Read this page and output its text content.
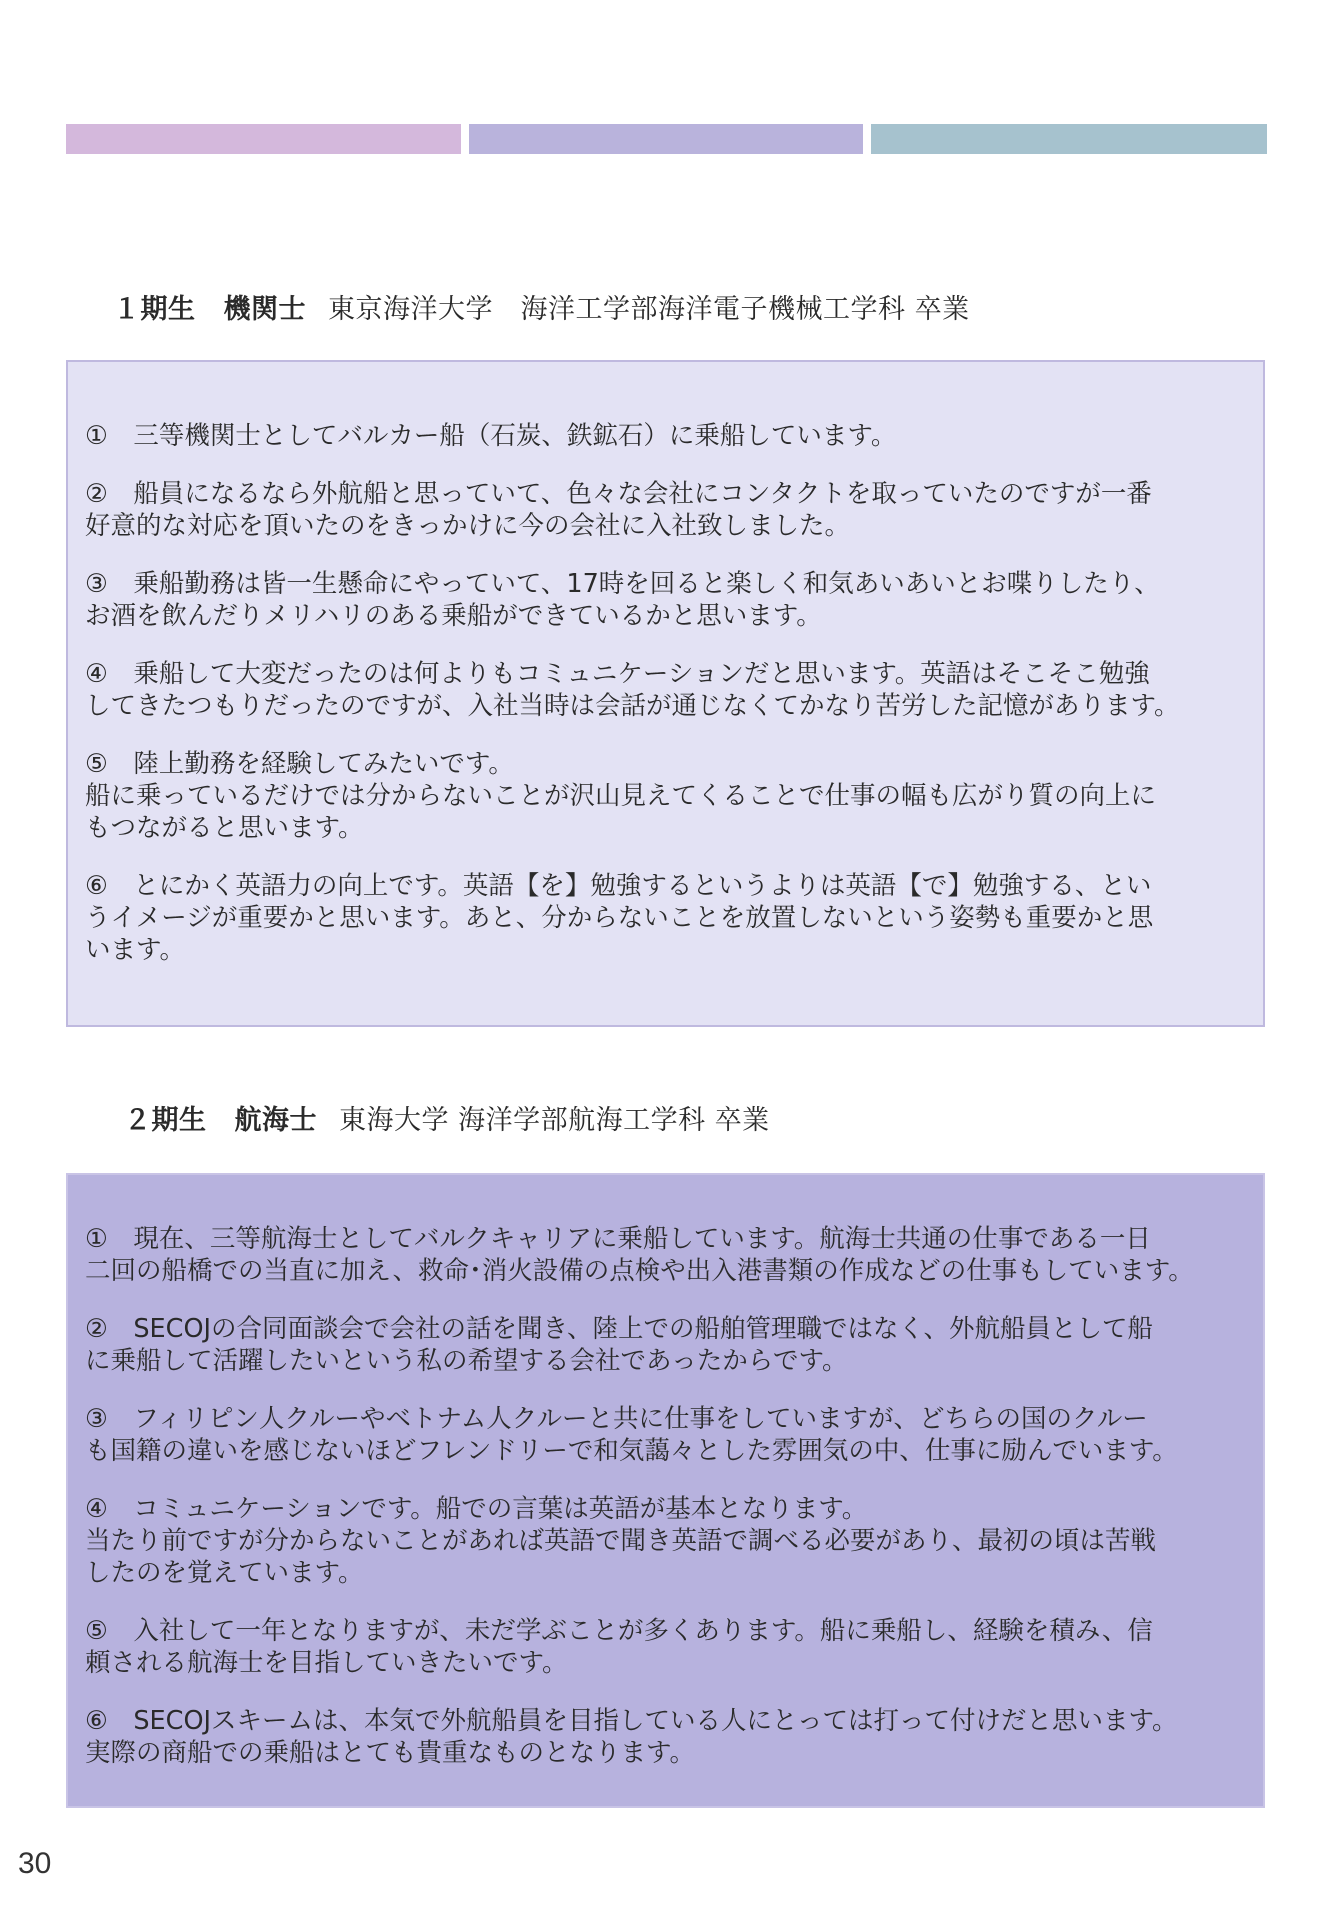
１期生 機関士 東京海洋大学　海洋工学部海洋電子機械工学科 卒業
①　三等機関士としてバルカー船（石炭、鉄鉱石）に乗船しています。
②　船員になるなら外航船と思っていて、色々な会社にコンタクトを取っていたのですが一番
好意的な対応を頂いたのをきっかけに今の会社に入社致しました。
③　乗船勤務は皆一生懸命にやっていて、17時を回ると楽しく和気あいあいとお喋りしたり、
お酒を飲んだりメリハリのある乗船ができているかと思います。
④　乗船して大変だったのは何よりもコミュニケーションだと思います。英語はそこそこ勉強
してきたつもりだったのですが、入社当時は会話が通じなくてかなり苦労した記憶があります。
⑤　陸上勤務を経験してみたいです。
船に乗っているだけでは分からないことが沢山見えてくることで仕事の幅も広がり質の向上に
もつながると思います。
⑥　とにかく英語力の向上です。英語【を】勉強するというよりは英語【で】勉強する、とい
うイメージが重要かと思います。あと、分からないことを放置しないという姿勢も重要かと思
います。
２期生 航海士 東海大学 海洋学部航海工学科 卒業
①　現在、三等航海士としてバルクキャリアに乗船しています。航海士共通の仕事である一日
二回の船橋での当直に加え、救命･消火設備の点検や出入港書類の作成などの仕事もしています。
②　SECOJの合同面談会で会社の話を聞き、陸上での船舶管理職ではなく、外航船員として船
に乗船して活躍したいという私の希望する会社であったからです。
③　フィリピン人クルーやベトナム人クルーと共に仕事をしていますが、どちらの国のクルー
も国籍の違いを感じないほどフレンドリーで和気藹々とした雰囲気の中、仕事に励んでいます。
④　コミュニケーションです。船での言葉は英語が基本となります。
当たり前ですが分からないことがあれば英語で聞き英語で調べる必要があり、最初の頃は苦戦
したのを覚えています。
⑤　入社して一年となりますが、未だ学ぶことが多くあります。船に乗船し、経験を積み、信
頼される航海士を目指していきたいです。
⑥　SECOJスキームは、本気で外航船員を目指している人にとっては打って付けだと思います。
実際の商船での乗船はとても貴重なものとなります。
30
